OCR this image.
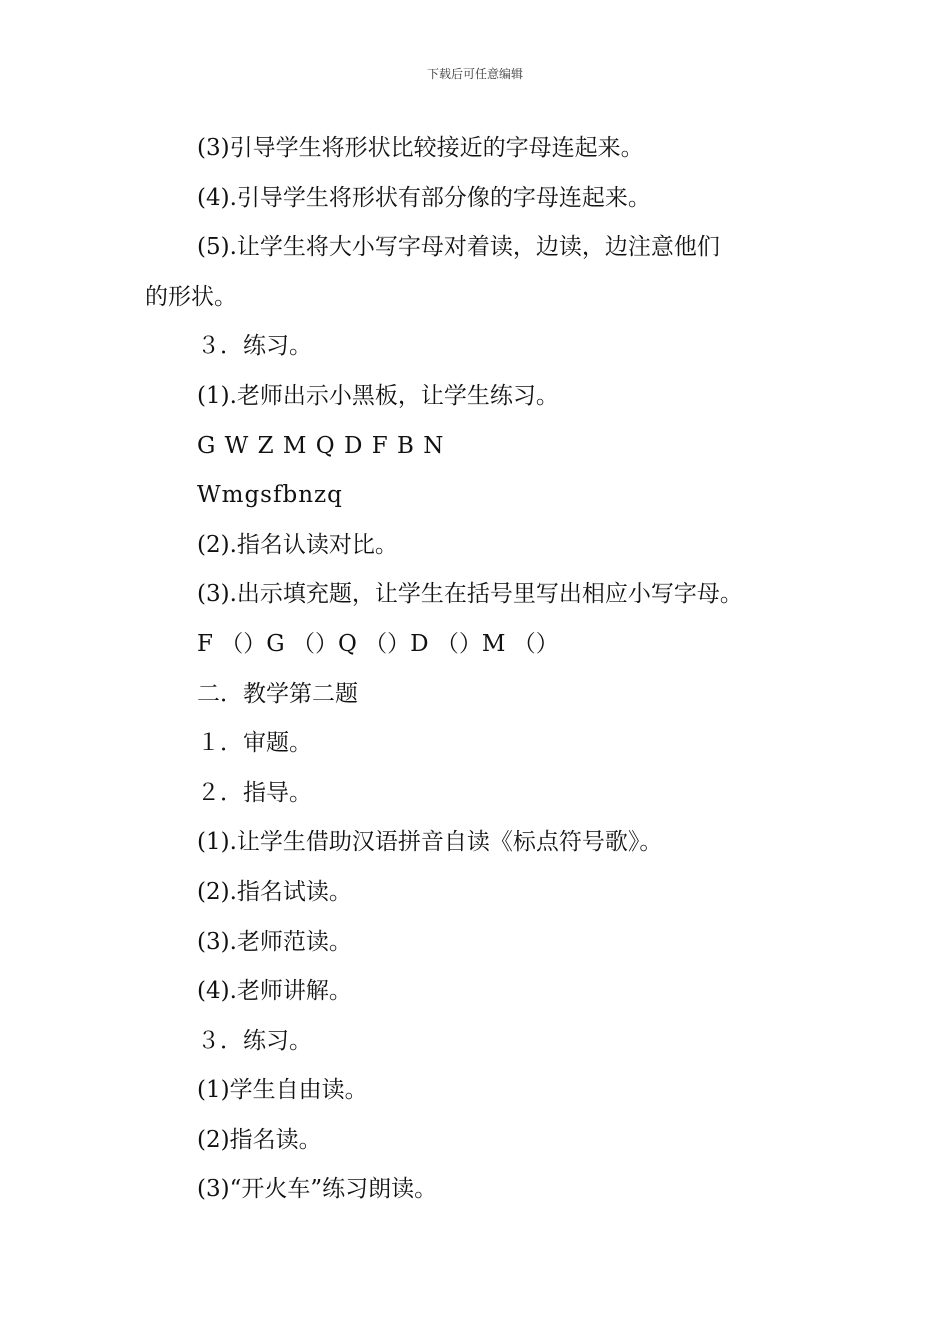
下载后可任意编辑
(3)引导学生将形状比较接近的字母连起来。
(4).引导学生将形状有部分像的字母连起来。
(5).让学生将大小写字母对着读，边读，边注意他们
的形状。
３．练习。
(1).老师出示小黑板，让学生练习。
G W Z M Q D F B N
Wmgsfbnzq
(2).指名认读对比。
(3).出示填充题，让学生在括号里写出相应小写字母。
F （）G （）Q （）D （）M （）
二．教学第二题
１．审题。
２．指导。
(1).让学生借助汉语拼音自读《标点符号歌》。
(2).指名试读。
(3).老师范读。
(4).老师讲解。
３．练习。
(1)学生自由读。
(2)指名读。
(3)“开火车”练习朗读。
